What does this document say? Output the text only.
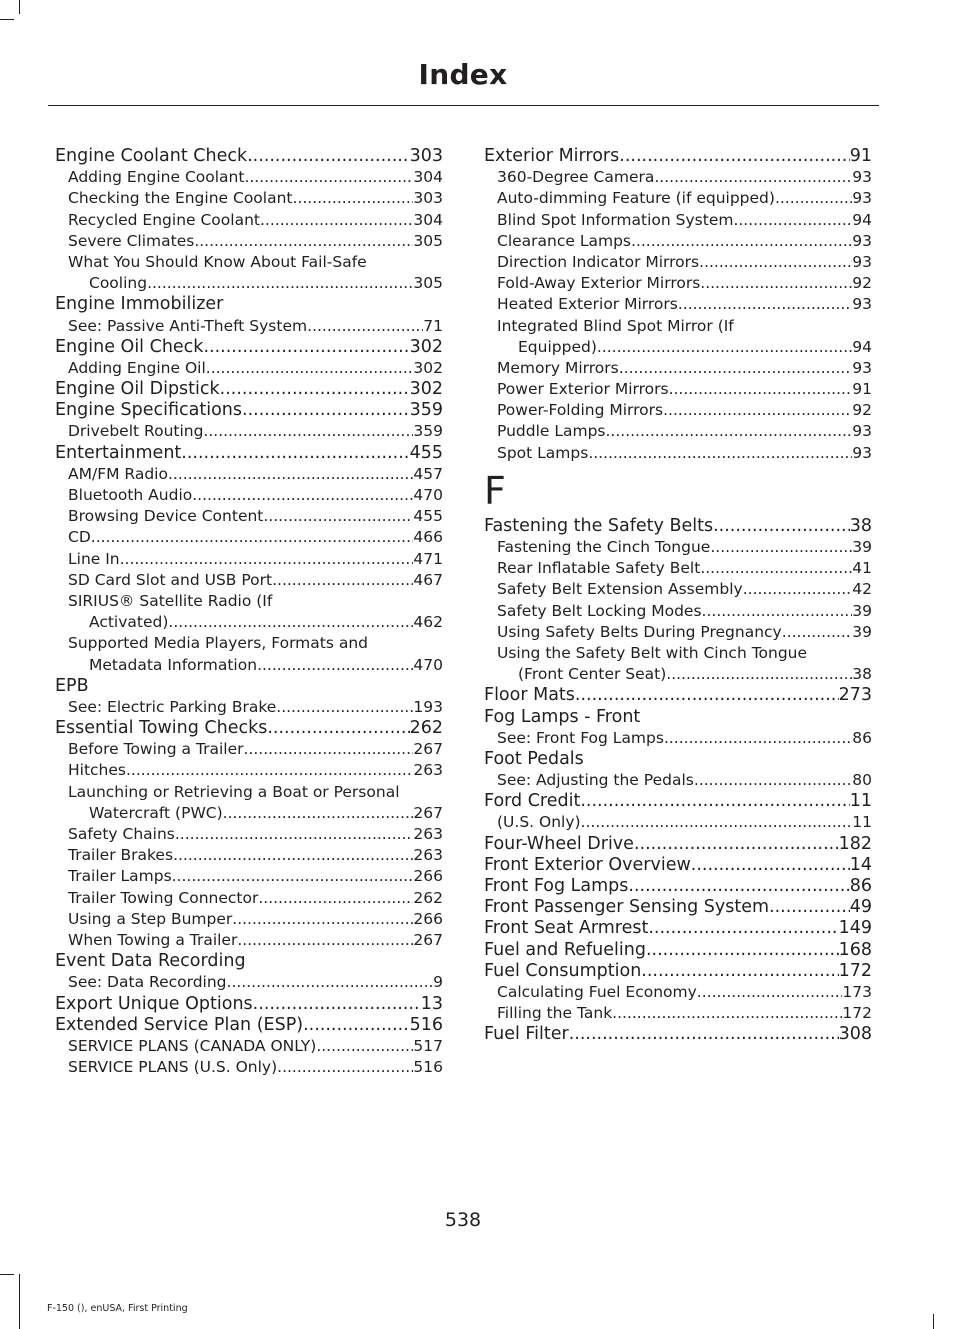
Index
Engine Coolant Check .....	303
Adding Engine Coolant .....	304
Checking the Engine Coolant .....	303
Recycled Engine Coolant .....	304
Severe Climates .....	305
What You Should Know About Fail-Safe
Cooling .....	305
Engine Immobilizer
See: Passive Anti-Theft System .....	71
Engine Oil Check .....	302
Adding Engine Oil .....	302
Engine Oil Dipstick .....	302
Engine Specifications .....	359
Drivebelt Routing .....	359
Entertainment .....	455
AM/FM Radio .....	457
Bluetooth Audio .....	470
Browsing Device Content .....	455
CD .....	466
Line In .....	471
SD Card Slot and USB Port .....	467
SIRIUS® Satellite Radio (If
Activated) .....	462
Supported Media Players, Formats and
Metadata Information .....	470
EPB
See: Electric Parking Brake .....	193
Essential Towing Checks .....	262
Before Towing a Trailer .....	267
Hitches .....	263
Launching or Retrieving a Boat or Personal
Watercraft (PWC) .....	267
Safety Chains .....	263
Trailer Brakes .....	263
Trailer Lamps .....	266
Trailer Towing Connector .....	262
Using a Step Bumper .....	266
When Towing a Trailer .....	267
Event Data Recording
See: Data Recording .....	9
Export Unique Options .....	13
Extended Service Plan (ESP) .....	516
SERVICE PLANS (CANADA ONLY) .....	517
SERVICE PLANS (U.S. Only) .....	516
Exterior Mirrors .....	91
360-Degree Camera .....	93
Auto-dimming Feature (if equipped) .....	93
Blind Spot Information System .....	94
Clearance Lamps .....	93
Direction Indicator Mirrors .....	93
Fold-Away Exterior Mirrors .....	92
Heated Exterior Mirrors .....	93
Integrated Blind Spot Mirror (If
Equipped) .....	94
Memory Mirrors .....	93
Power Exterior Mirrors .....	91
Power-Folding Mirrors .....	92
Puddle Lamps .....	93
Spot Lamps .....	93
F
Fastening the Safety Belts .....	38
Fastening the Cinch Tongue .....	39
Rear Inflatable Safety Belt .....	41
Safety Belt Extension Assembly .....	42
Safety Belt Locking Modes .....	39
Using Safety Belts During Pregnancy .....	39
Using the Safety Belt with Cinch Tongue
(Front Center Seat) .....	38
Floor Mats .....	273
Fog Lamps - Front
See: Front Fog Lamps .....	86
Foot Pedals
See: Adjusting the Pedals .....	80
Ford Credit .....	11
(U.S. Only) .....	11
Four-Wheel Drive .....	182
Front Exterior Overview .....	14
Front Fog Lamps .....	86
Front Passenger Sensing System .....	49
Front Seat Armrest .....	149
Fuel and Refueling .....	168
Fuel Consumption .....	172
Calculating Fuel Economy .....	173
Filling the Tank .....	172
Fuel Filter .....	308
538
F-150 (), enUSA, First Printing
